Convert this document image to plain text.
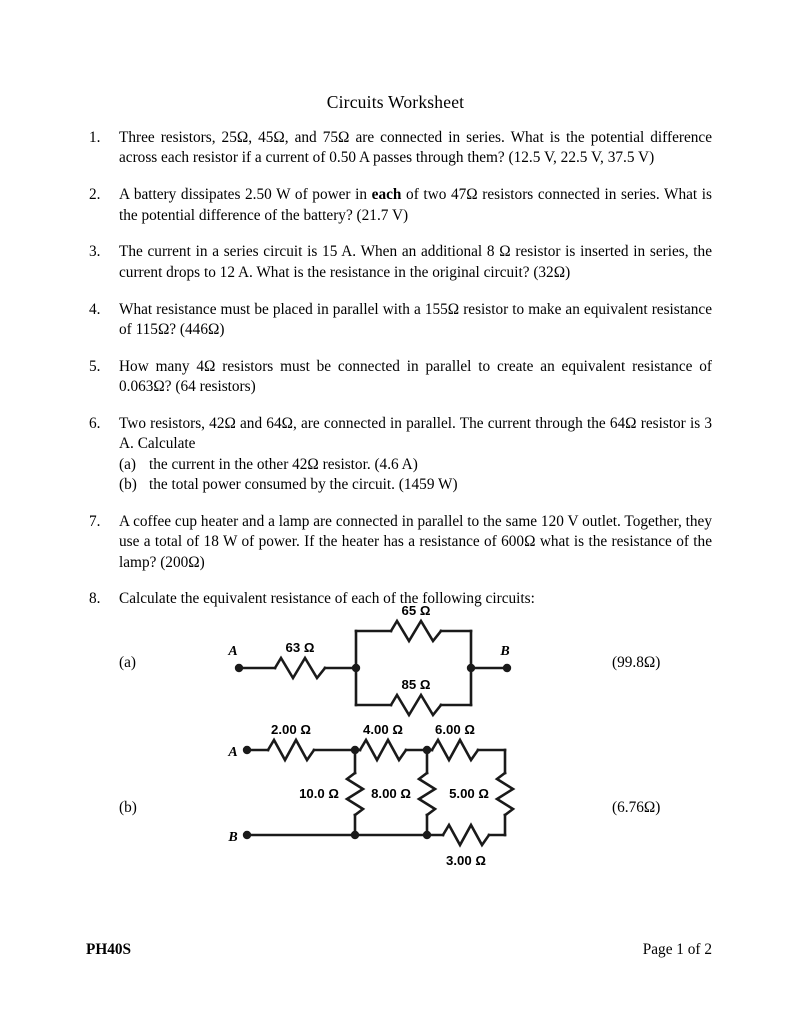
Circuits Worksheet
1.	Three resistors, 25Ω, 45Ω, and 75Ω are connected in series. What is the potential difference across each resistor if a current of 0.50 A passes through them? (12.5 V, 22.5 V, 37.5 V)
2.	A battery dissipates 2.50 W of power in each of two 47Ω resistors connected in series. What is the potential difference of the battery? (21.7 V)
3.	The current in a series circuit is 15 A. When an additional 8 Ω resistor is inserted in series, the current drops to 12 A. What is the resistance in the original circuit? (32Ω)
4.	What resistance must be placed in parallel with a 155Ω resistor to make an equivalent resistance of 115Ω? (446Ω)
5.	How many 4Ω resistors must be connected in parallel to create an equivalent resistance of 0.063Ω? (64 resistors)
6.	Two resistors, 42Ω and 64Ω, are connected in parallel. The current through the 64Ω resistor is 3 A. Calculate
(a) the current in the other 42Ω resistor. (4.6 A)
(b) the total power consumed by the circuit. (1459 W)
7.	A coffee cup heater and a lamp are connected in parallel to the same 120 V outlet. Together, they use a total of 18 W of power. If the heater has a resistance of 600Ω what is the resistance of the lamp? (200Ω)
8.	Calculate the equivalent resistance of each of the following circuits:
(a)	(99.8Ω)
A	B
63 Ω
65 Ω
85 Ω
(b)	(6.76Ω)
A
B
2.00 Ω	4.00 Ω 6.00 Ω
10.0 Ω 8.00 Ω	5.00 Ω
3.00 Ω
PH40S	Page 1 of 2
